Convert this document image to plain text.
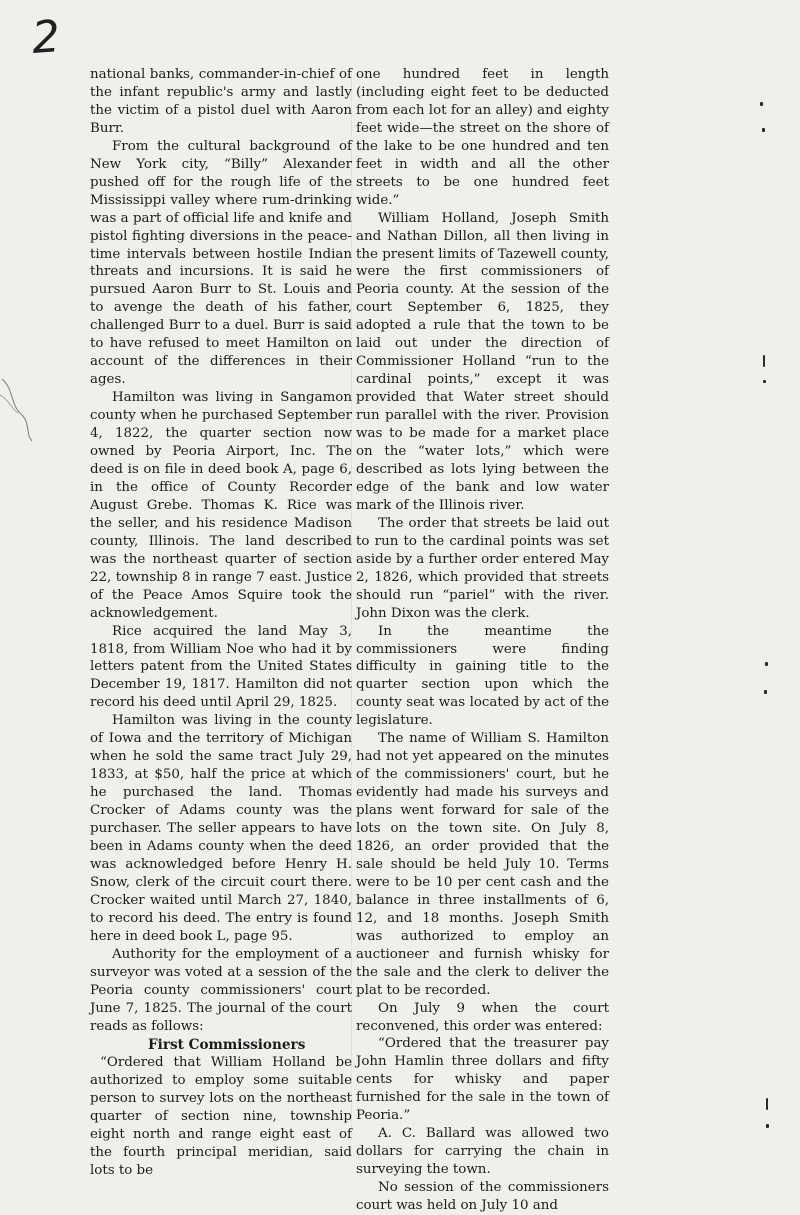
2

national banks, commander-in-chief of the infant republic's army and lastly the victim of a pistol duel with Aaron Burr.

From the cultural background of New York city, “Billy” Alexander pushed off for the rough life of the Mississippi valley where rum-drinking was a part of official life and knife and pistol fighting diversions in the peace-time intervals between hostile Indian threats and incursions. It is said he pursued Aaron Burr to St. Louis and to avenge the death of his father, challenged Burr to a duel. Burr is said to have refused to meet Hamilton on account of the differences in their ages.

Hamilton was living in Sangamon county when he purchased September 4, 1822, the quarter section now owned by Peoria Airport, Inc. The deed is on file in deed book A, page 6, in the office of County Recorder August Grebe. Thomas K. Rice was the seller, and his residence Madison county, Illinois. The land described was the northeast quarter of section 22, township 8 in range 7 east. Justice of the Peace Amos Squire took the acknowledgement.

Rice acquired the land May 3, 1818, from William Noe who had it by letters patent from the United States December 19, 1817. Hamilton did not record his deed until April 29, 1825.

Hamilton was living in the county of Iowa and the territory of Michigan when he sold the same tract July 29, 1833, at $50, half the price at which he purchased the land. Thomas Crocker of Adams county was the purchaser. The seller appears to have been in Adams county when the deed was acknowledged before Henry H. Snow, clerk of the circuit court there. Crocker waited until March 27, 1840, to record his deed. The entry is found here in deed book L, page 95.

Authority for the employment of a surveyor was voted at a session of the Peoria county commissioners' court June 7, 1825. The journal of the court reads as follows:

First Commissioners

“Ordered that William Holland be authorized to employ some suitable person to survey lots on the northeast quarter of section nine, township eight north and range eight east of the fourth principal meridian, said lots to be

one hundred feet in length (including eight feet to be deducted from each lot for an alley) and eighty feet wide—the street on the shore of the lake to be one hundred and ten feet in width and all the other streets to be one hundred feet wide.”

William Holland, Joseph Smith and Nathan Dillon, all then living in the present limits of Tazewell county, were the first commissioners of Peoria county. At the session of the court September 6, 1825, they adopted a rule that the town to be laid out under the direction of Commissioner Holland “run to the cardinal points,” except it was provided that Water street should run parallel with the river. Provision was to be made for a market place on the “water lots,” which were described as lots lying between the edge of the bank and low water mark of the Illinois river.

The order that streets be laid out to run to the cardinal points was set aside by a further order entered May 2, 1826, which provided that streets should run “pariel” with the river. John Dixon was the clerk.

In the meantime the commissioners were finding difficulty in gaining title to the quarter section upon which the county seat was located by act of the legislature.

The name of William S. Hamilton had not yet appeared on the minutes of the commissioners' court, but he evidently had made his surveys and plans went forward for sale of the lots on the town site. On July 8, 1826, an order provided that the sale should be held July 10. Terms were to be 10 per cent cash and the balance in three installments of 6, 12, and 18 months. Joseph Smith was authorized to employ an auctioneer and furnish whisky for the sale and the clerk to deliver the plat to be recorded.

On July 9 when the court reconvened, this order was entered:

“Ordered that the treasurer pay John Hamlin three dollars and fifty cents for whisky and paper furnished for the sale in the town of Peoria.”

A. C. Ballard was allowed two dollars for carrying the chain in surveying the town.

No session of the commissioners court was held on July 10 and
